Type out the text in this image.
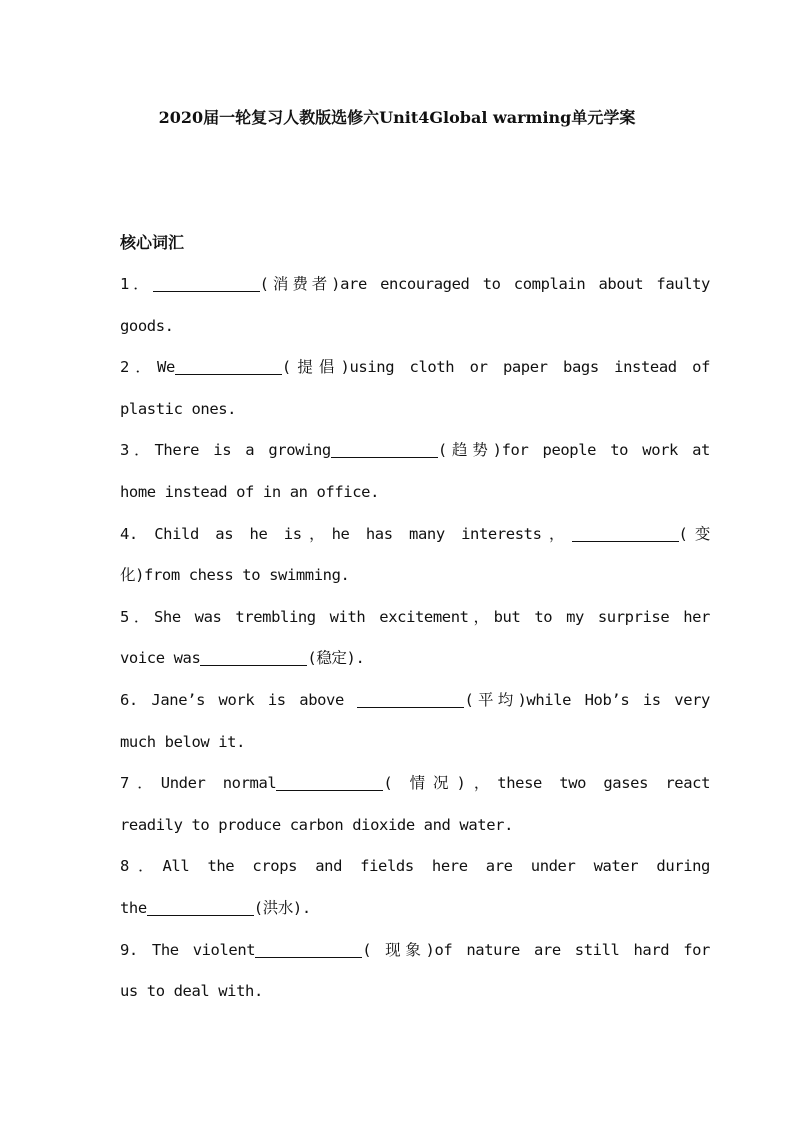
2020届一轮复习人教版选修六Unit4Global warming单元学案
核心词汇
1．	(消费者)are encouraged to complain about faulty
goods.
2．We	(提倡)using cloth or paper bags instead of
plastic ones.
3．There is a growing	(趋势)for people to work at
home instead of in an office.
4. Child as he is，he has many interests，	(变
化)from chess to swimming.
5．She was trembling with excitement，but to my surprise her
voice was	(稳定).
6. Jane’s work is above	(平均)while Hob’s is very
much below it.
7．Under normal	( 情况)，these two gases react
readily to produce carbon dioxide and water.
8．All the crops and fields here are under water during
the	(洪水).
9. The violent	( 现象)of nature are still hard for
us to deal with.
